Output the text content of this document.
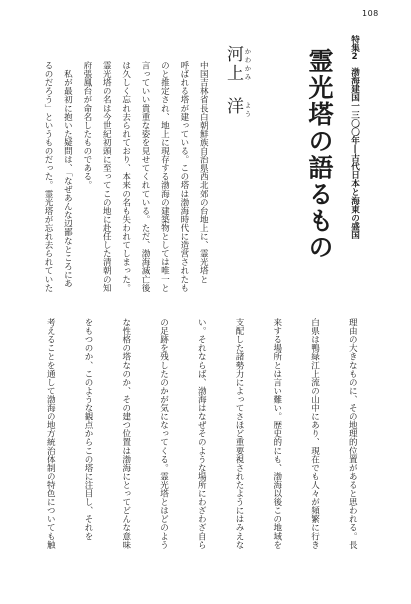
108
特集2渤海建国一三〇〇年―古代日本と海東の盛国
霊光塔の語るもの
河上 かわかみ
洋 よう
中国吉林省長白朝鮮族自治県西北郊の台地上に、霊光塔と
呼ばれる塔が建っている。この塔は渤海時代に造営されたも
のと推定され、地上に現存する渤海の建築物としては唯一と
言っていい貴重な姿を見せてくれている。ただ、渤海滅亡後
は久しく忘れ去られており、本来の名も失われてしまった。
霊光塔の名は今世紀初頭に至ってこの地に赴任した清朝の知
府張鳳台が命名したものである。
　私が最初に抱いた疑問は、「なぜあんな辺鄙なところにあ
るのだろう」というものだった。霊光塔が忘れ去られていた
理由の大きなものに、その地理的位置があると思われる。長
白県は鴨緑江上流の山中にあり、現在でも人々が頻繁に行き
来する場所とは言い難い。歴史的にも、渤海以後この地域を
支配した諸勢力によってさほど重要視されたようにはみえな
い。それならば、渤海はなぜそのような場所にわざわざ自ら
の足跡を残したのかが気になってくる。霊光塔とはどのよう
な性格の塔なのか、その建つ位置は渤海にとってどんな意味
をもつのか、このような観点からこの塔に注目し、それを
考えることを通して渤海の地方統治体制の特色についても触
